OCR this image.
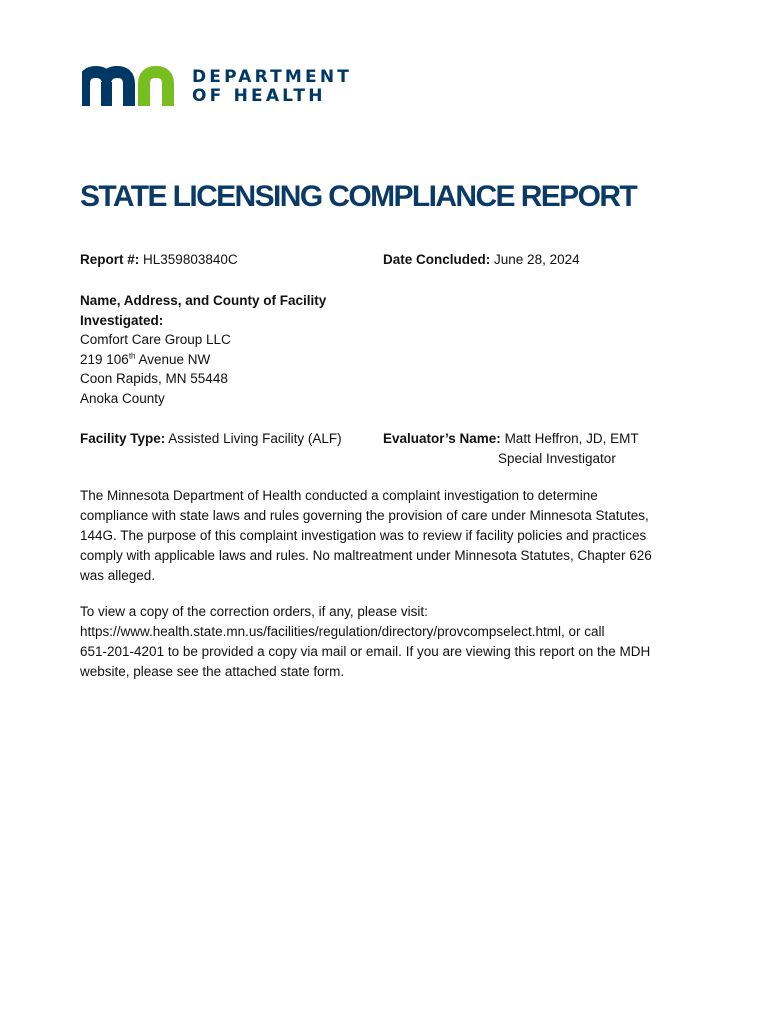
DEPARTMENT
OF HEALTH
STATE LICENSING COMPLIANCE REPORT
Report #: HL359803840C	Date Concluded: June 28, 2024
Name, Address, and County of Facility
Investigated:
Comfort Care Group LLC
219 106th Avenue NW
Coon Rapids, MN 55448
Anoka County
Facility Type: Assisted Living Facility (ALF)	Evaluator’s Name: Matt Heffron, JD, EMT
Special Investigator
The Minnesota Department of Health conducted a complaint investigation to determine
compliance with state laws and rules governing the provision of care under Minnesota Statutes,
144G. The purpose of this complaint investigation was to review if facility policies and practices
comply with applicable laws and rules. No maltreatment under Minnesota Statutes, Chapter 626
was alleged.
To view a copy of the correction orders, if any, please visit:
https://www.health.state.mn.us/facilities/regulation/directory/provcompselect.html, or call
651-201-4201 to be provided a copy via mail or email. If you are viewing this report on the MDH
website, please see the attached state form.
